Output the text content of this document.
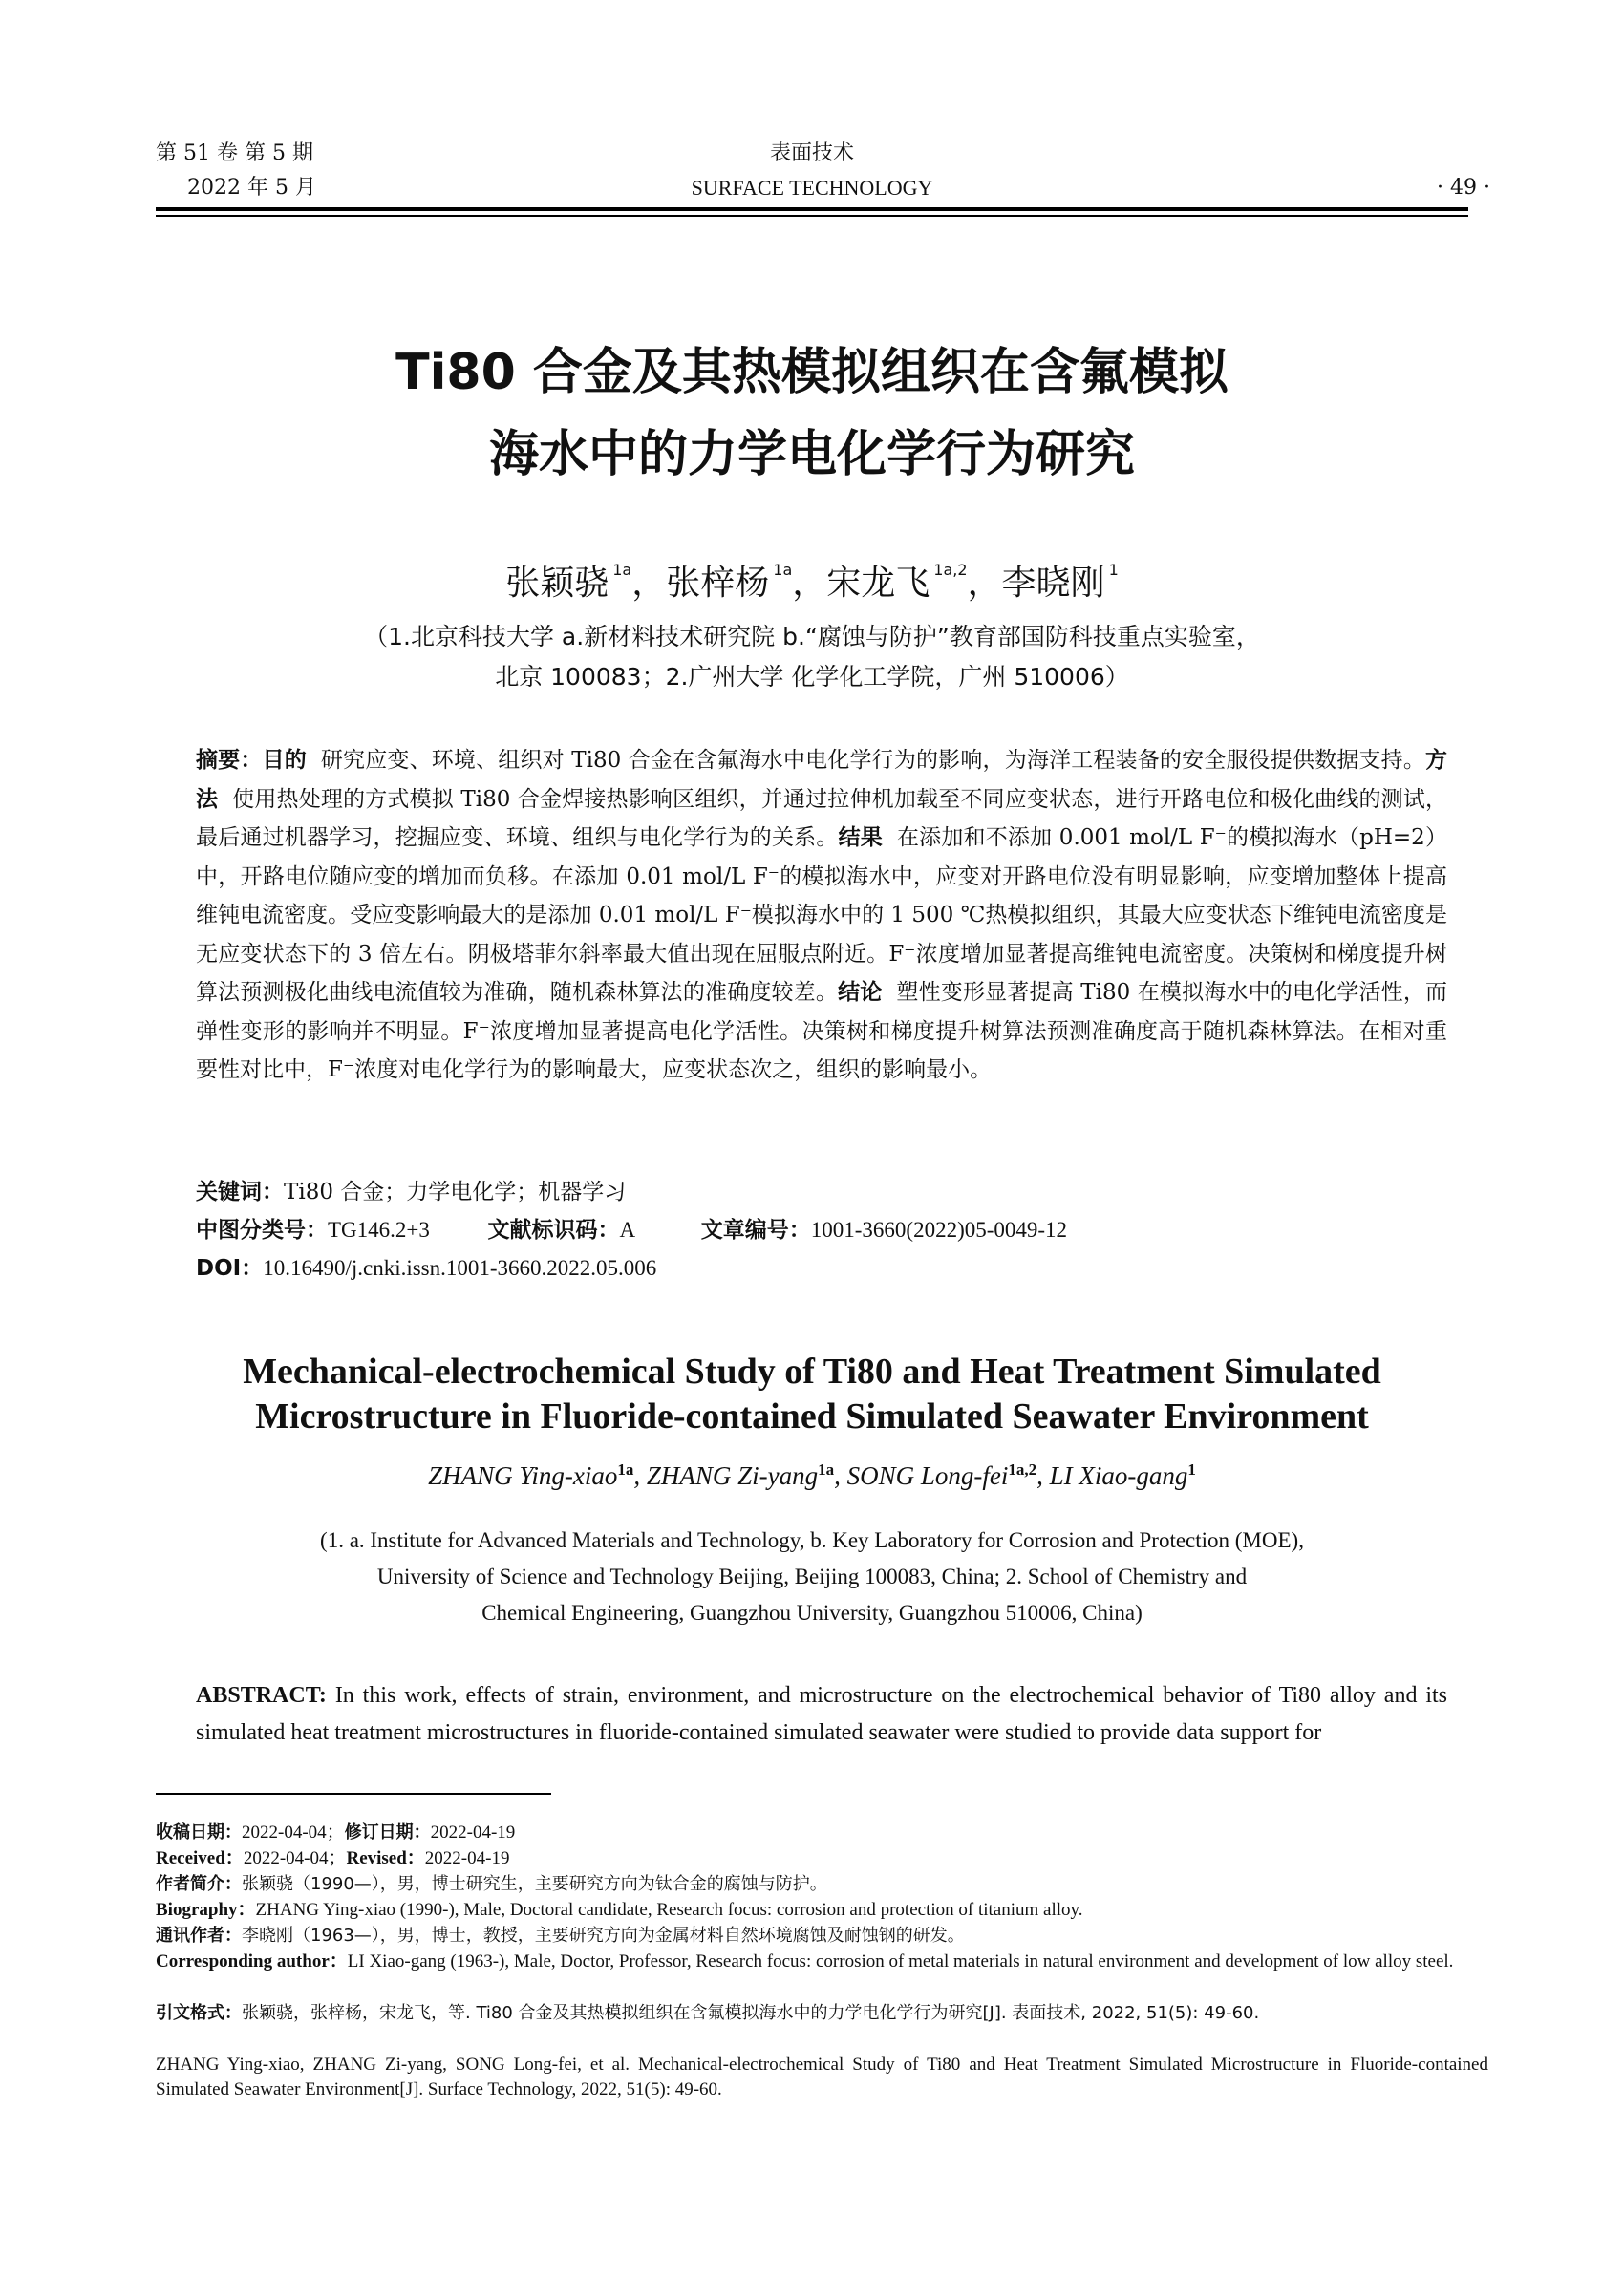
第 51 卷 第 5 期
2022 年 5 月
表面技术
SURFACE TECHNOLOGY	· 49 ·
Ti80 合金及其热模拟组织在含氟模拟
海水中的力学电化学行为研究
张颖骁 $^{1a}$，张梓杨 $^{1a}$，宋龙飞 $^{1a,2}$，李晓刚 $^1$
（1.北京科技大学 a.新材料技术研究院 b.“腐蚀与防护”教育部国防科技重点实验室，
北京 100083；2.广州大学 化学化工学院，广州 510006）
摘要：目的 研究应变、环境、组织对 Ti80 合金在含氟海水中电化学行为的影响，为海洋工程装备的安全服役提供数据支持。方法 使用热处理的方式模拟 Ti80 合金焊接热影响区组织，并通过拉伸机加载至不同应变状态，进行开路电位和极化曲线的测试，最后通过机器学习，挖掘应变、环境、组织与电化学行为的关系。结果 在添加和不添加 0.001 mol/L F⁻的模拟海水（pH=2）中，开路电位随应变的增加而负移。在添加 0.01 mol/L F⁻的模拟海水中，应变对开路电位没有明显影响，应变增加整体上提高维钝电流密度。受应变影响最大的是添加 0.01 mol/L F⁻模拟海水中的 1 500 ℃热模拟组织，其最大应变状态下维钝电流密度是无应变状态下的 3 倍左右。阴极塔菲尔斜率最大值出现在屈服点附近。F⁻浓度增加显著提高维钝电流密度。决策树和梯度提升树算法预测极化曲线电流值较为准确，随机森林算法的准确度较差。结论 塑性变形显著提高 Ti80 在模拟海水中的电化学活性，而弹性变形的影响并不明显。F⁻浓度增加显著提高电化学活性。决策树和梯度提升树算法预测准确度高于随机森林算法。在相对重要性对比中，F⁻浓度对电化学行为的影响最大，应变状态次之，组织的影响最小。
关键词：Ti80 合金；力学电化学；机器学习
中图分类号：TG146.2+3	文献标识码：A	文章编号：1001-3660(2022)05-0049-12
DOI：10.16490/j.cnki.issn.1001-3660.2022.05.006
Mechanical-electrochemical Study of Ti80 and Heat Treatment Simulated
Microstructure in Fluoride-contained Simulated Seawater Environment
ZHANG Ying-xiao$^{1a}$, ZHANG Zi-yang$^{1a}$, SONG Long-fei$^{1a,2}$, LI Xiao-gang$^1$
(1. a. Institute for Advanced Materials and Technology, b. Key Laboratory for Corrosion and Protection (MOE),
University of Science and Technology Beijing, Beijing 100083, China; 2. School of Chemistry and
Chemical Engineering, Guangzhou University, Guangzhou 510006, China)
ABSTRACT: In this work, effects of strain, environment, and microstructure on the electrochemical behavior of Ti80 alloy and its simulated heat treatment microstructures in fluoride-contained simulated seawater were studied to provide data support for
收稿日期：2022-04-04；修订日期：2022-04-19
Received：2022-04-04；Revised：2022-04-19
作者简介：张颖骁（1990—），男，博士研究生，主要研究方向为钛合金的腐蚀与防护。
Biography：ZHANG Ying-xiao (1990-), Male, Doctoral candidate, Research focus: corrosion and protection of titanium alloy.
通讯作者：李晓刚（1963—），男，博士，教授，主要研究方向为金属材料自然环境腐蚀及耐蚀钢的研发。
Corresponding author：LI Xiao-gang (1963-), Male, Doctor, Professor, Research focus: corrosion of metal materials in natural environment and development of low alloy steel.
引文格式：张颖骁，张梓杨，宋龙飞，等. Ti80 合金及其热模拟组织在含氟模拟海水中的力学电化学行为研究[J]. 表面技术, 2022, 51(5): 49-60.
ZHANG Ying-xiao, ZHANG Zi-yang, SONG Long-fei, et al. Mechanical-electrochemical Study of Ti80 and Heat Treatment Simulated Microstructure in Fluoride-contained Simulated Seawater Environment[J]. Surface Technology, 2022, 51(5): 49-60.
